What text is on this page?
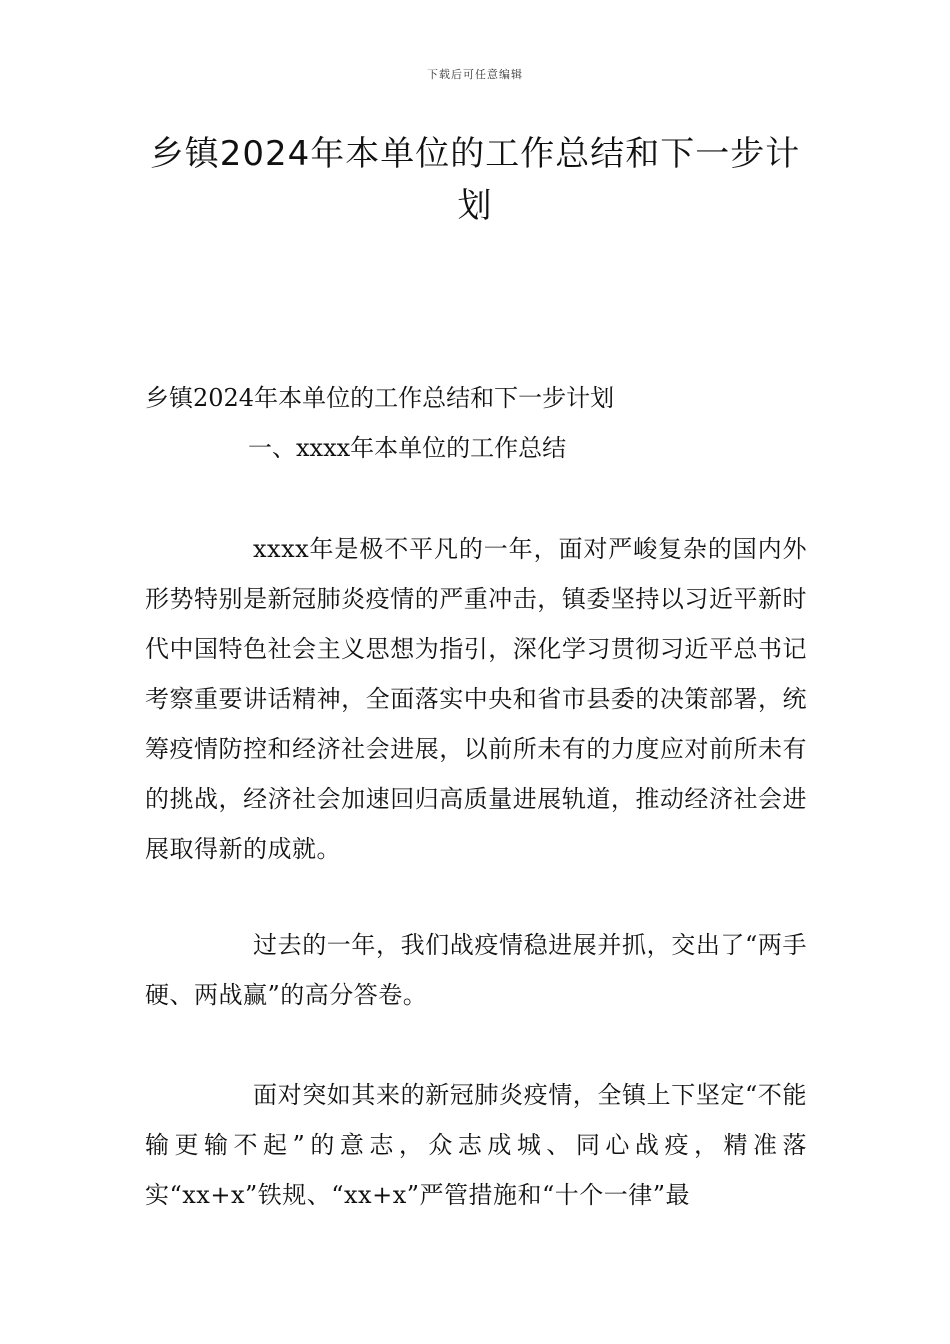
下载后可任意编辑
乡镇2024年本单位的工作总结和下一步计划
乡镇2024年本单位的工作总结和下一步计划
一、xxxx年本单位的工作总结

xxxx年是极不平凡的一年，面对严峻复杂的国内外形势特别是新冠肺炎疫情的严重冲击，镇委坚持以习近平新时代中国特色社会主义思想为指引，深化学习贯彻习近平总书记考察重要讲话精神，全面落实中央和省市县委的决策部署，统筹疫情防控和经济社会进展，以前所未有的力度应对前所未有的挑战，经济社会加速回归高质量进展轨道，推动经济社会进展取得新的成就。

过去的一年，我们战疫情稳进展并抓，交出了“两手硬、两战赢”的高分答卷。

面对突如其来的新冠肺炎疫情，全镇上下坚定“不能输更输不起”的意志，众志成城、同心战疫，精准落实“xx+x”铁规、“xx+x”严管措施和“十个一律”最
